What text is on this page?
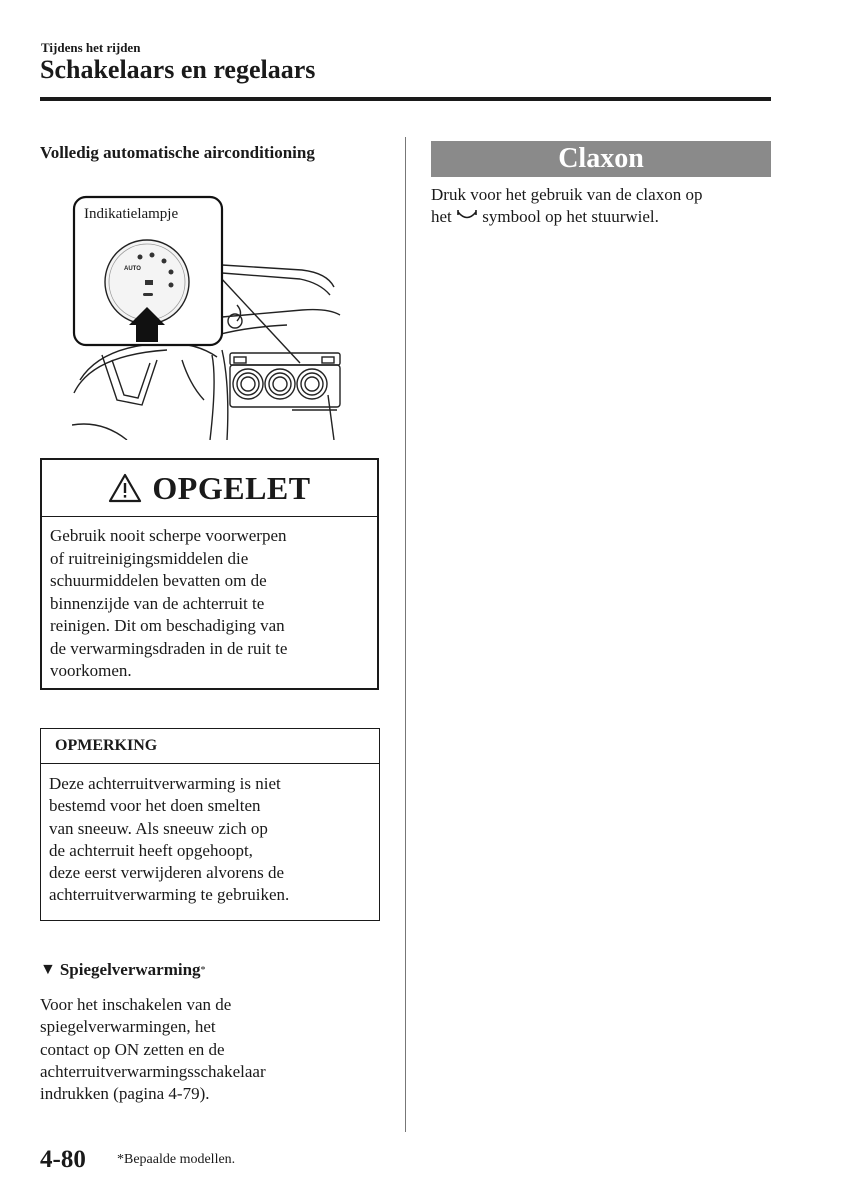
Tijdens het rijden
Schakelaars en regelaars
Volledig automatische airconditioning
AUTO
Indikatielampje
OPGELET
Gebruik nooit scherpe voorwerpen
of ruitreinigingsmiddelen die
schuurmiddelen bevatten om de
binnenzijde van de achterruit te
reinigen. Dit om beschadiging van
de verwarmingsdraden in de ruit te
voorkomen.
OPMERKING
Deze achterruitverwarming is niet
bestemd voor het doen smelten
van sneeuw. Als sneeuw zich op
de achterruit heeft opgehoopt,
deze eerst verwijderen alvorens de
achterruitverwarming te gebruiken.
▼ Spiegelverwarming *
Voor het inschakelen van de
spiegelverwarmingen, het
contact op ON zetten en de
achterruitverwarmingsschakelaar
indrukken (pagina 4-79).
Claxon
Druk voor het gebruik van de claxon op
het symbool op het stuurwiel.
4-80 *Bepaalde modellen.
